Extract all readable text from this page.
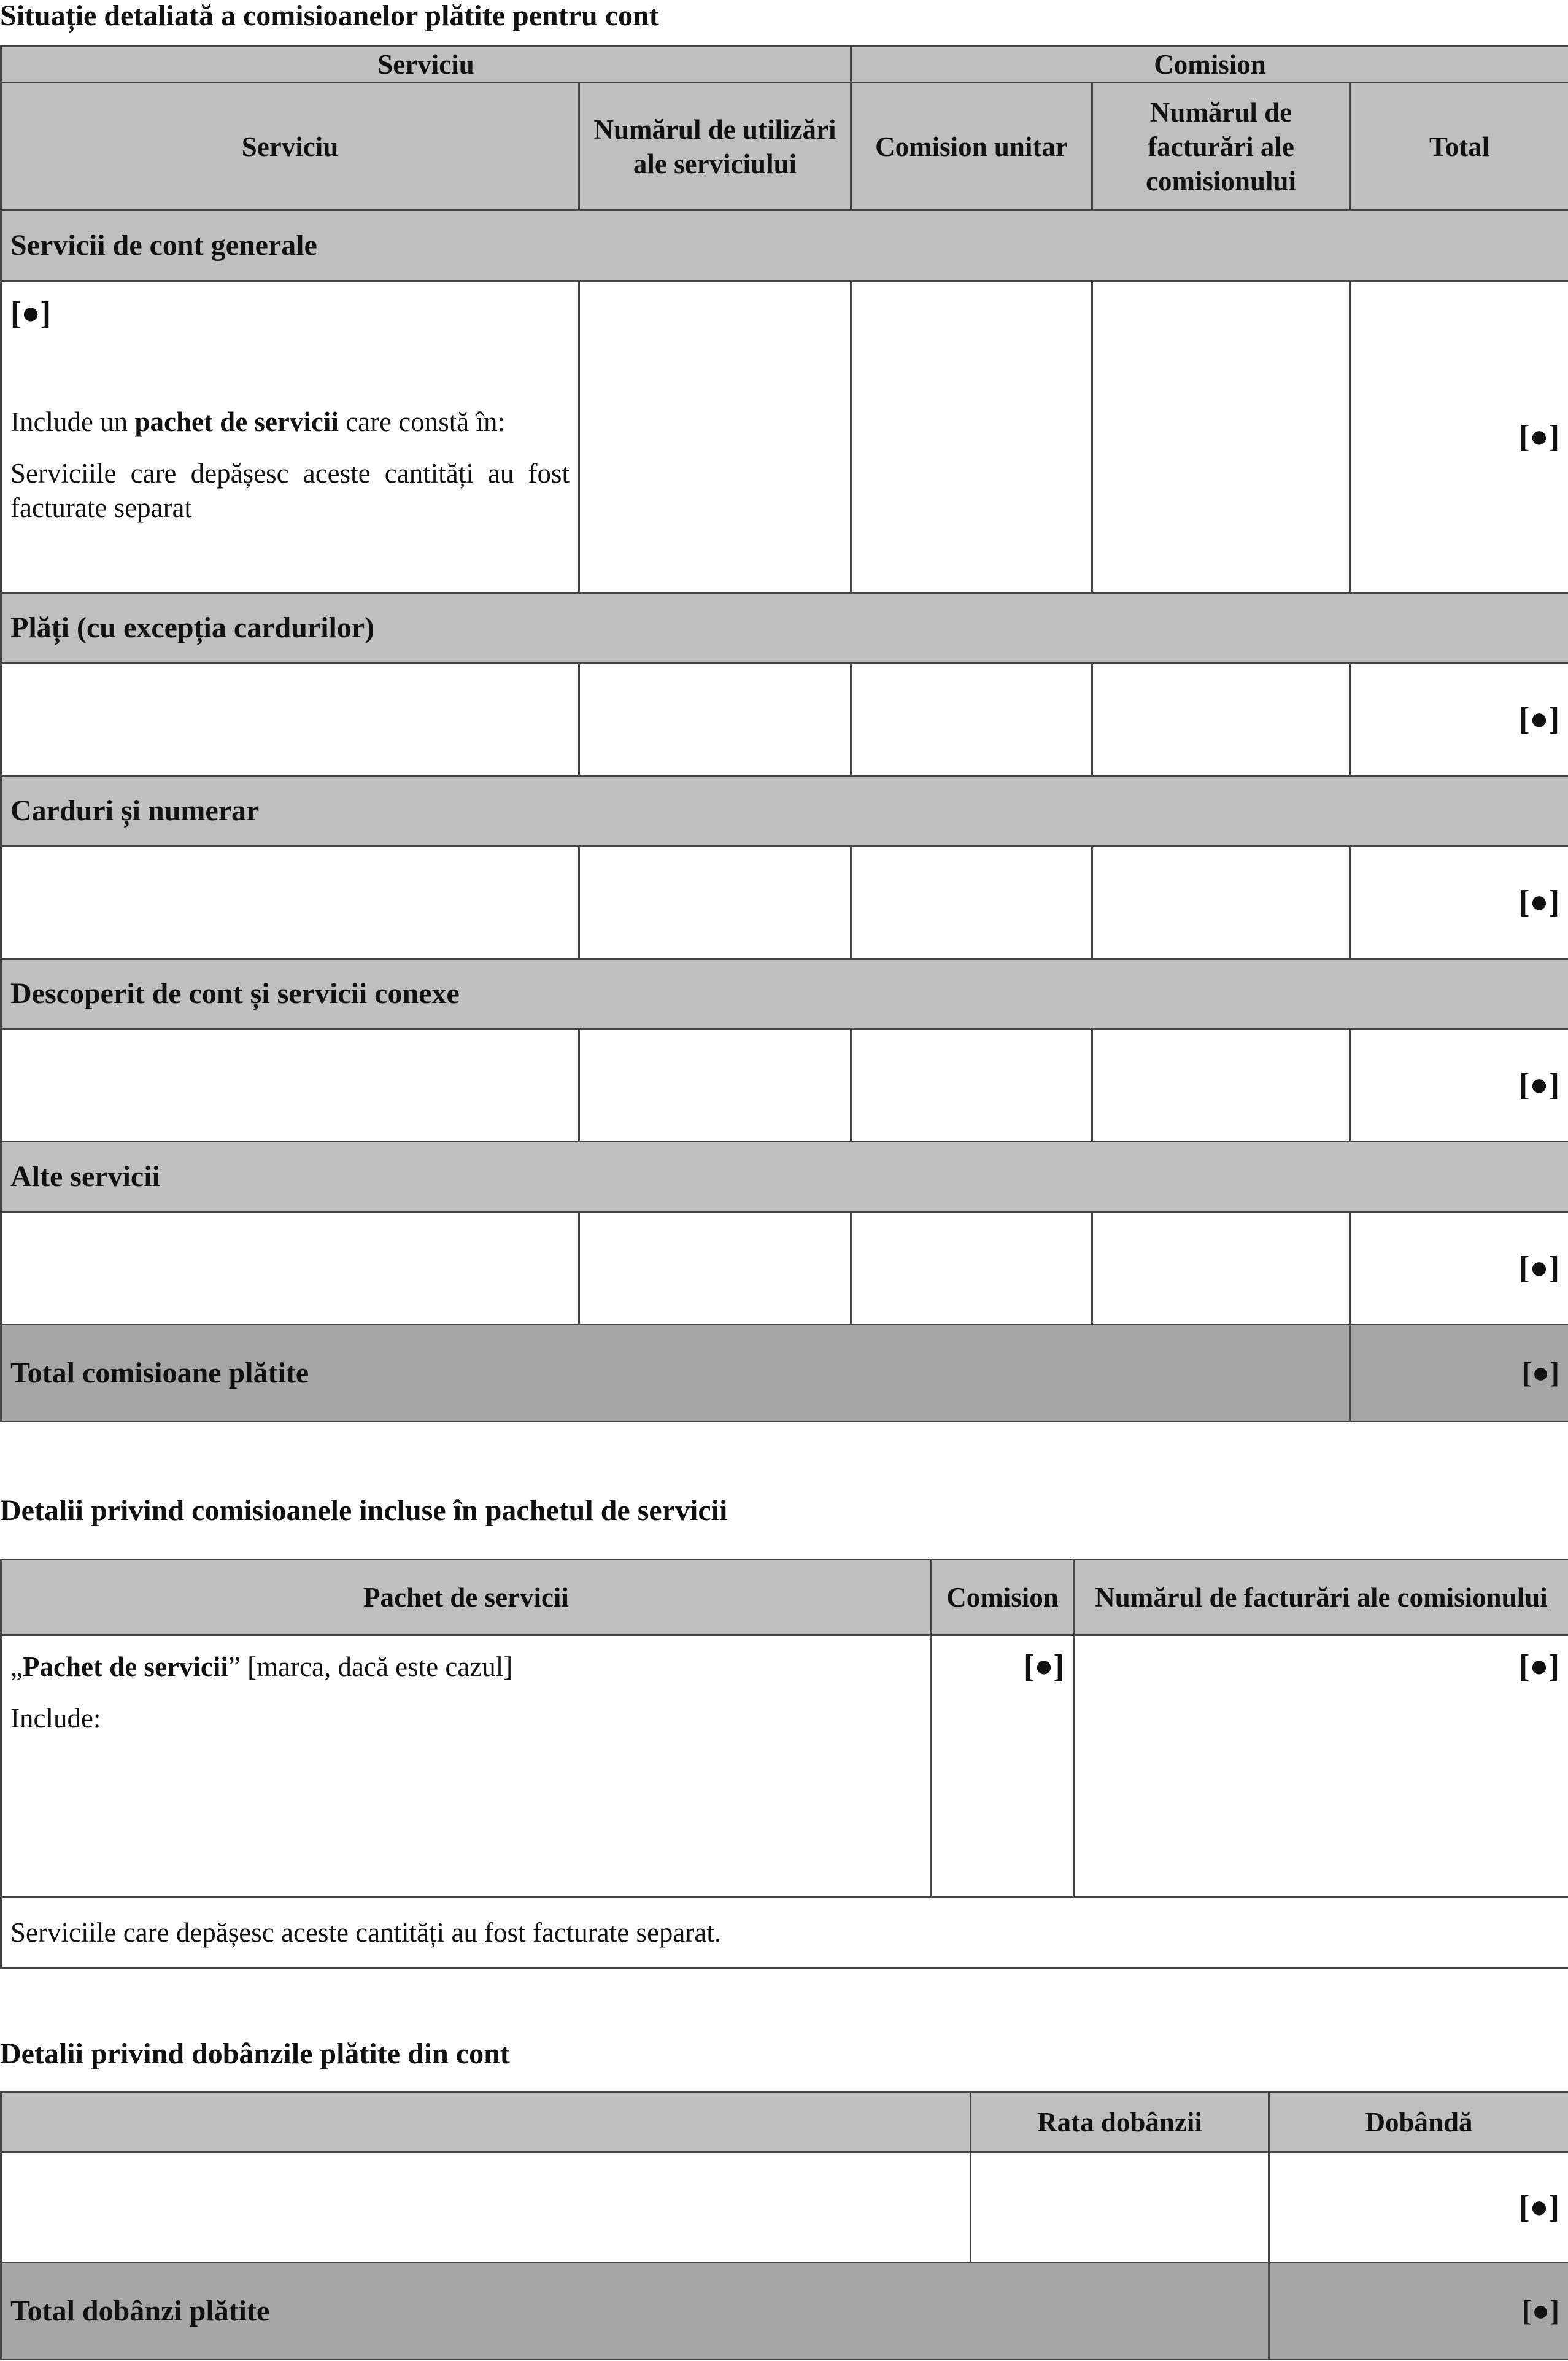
Situație detaliată a comisioanelor plătite pentru cont
Serviciu		Comision		
Serviciu	Numărul de utilizări ale serviciului	Comision unitar	Numărul de facturări ale comisionului	Total
Servicii de cont generale				

[●]
Include un pachet de servicii care constă în:
Serviciile care depășesc aceste cantități au fost facturate separat				[●]
Plăți (cu excepția cardurilor)				
				[●]
Carduri și numerar				
				[●]
Descoperit de cont și servicii conexe				
				[●]
Alte servicii				
				[●]
Total comisioane plătite				[●]
Detalii privind comisioanele incluse în pachetul de servicii
Pachet de servicii	Comision	Numărul de facturări ale comisionului

„Pachet de servicii” [marca, dacă este cazul]
Include:	[●]	[●]
Serviciile care depășesc aceste cantități au fost facturate separat.		
Detalii privind dobânzile plătite din cont
	Rata dobânzii	Dobândă
		[●]
Total dobânzi plătite		[●]
